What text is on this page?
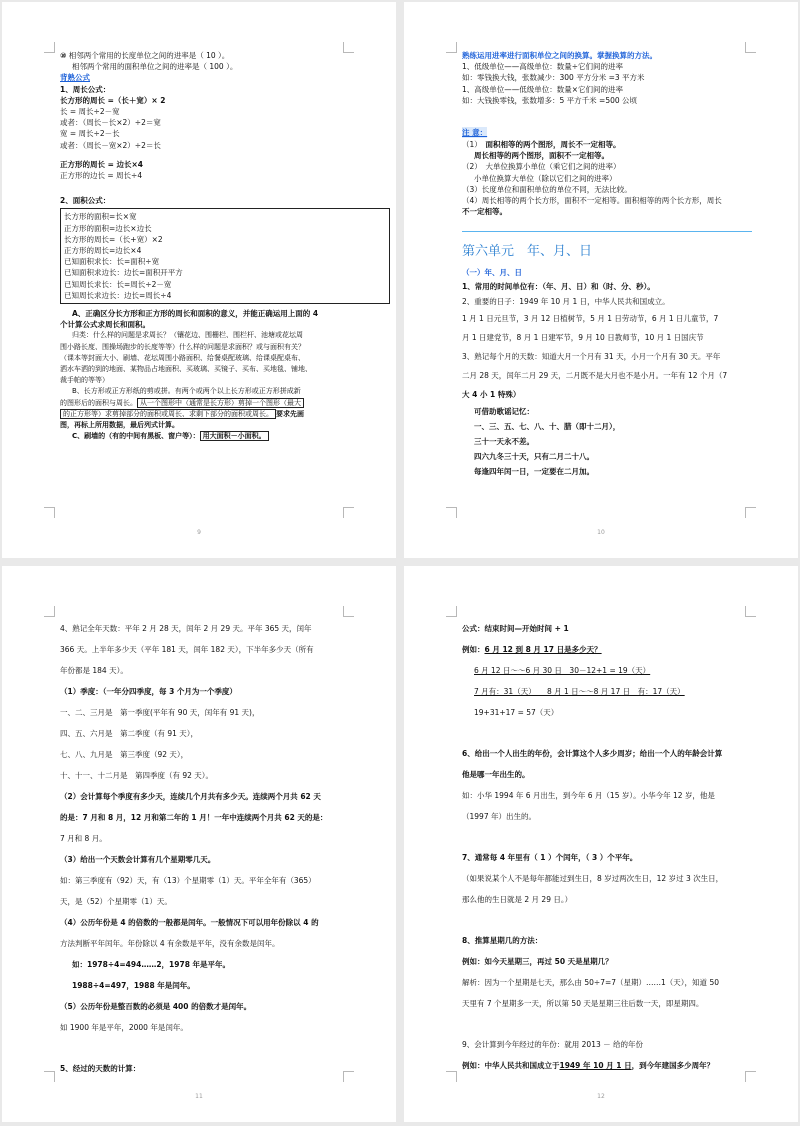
⑩ 相邻两个常用的长度单位之间的进率是（ 10 ）。
相邻两个常用的面积单位之间的进率是（ 100 ）。
背熟公式
1、周长公式：
长方形的周长 =（长＋宽）× 2
长 = 周长÷2－宽
或者：（周长－长×2）÷2＝宽
宽 = 周长÷2－长
或者：（周长－宽×2）÷2＝长
正方形的周长 = 边长×4
正方形的边长 = 周长÷4
2、面积公式：
长方形的面积=长×宽
正方形的面积=边长×边长
长方形的周长=（长+宽）×2
正方形的周长=边长×4
已知面积求长：长=面积÷宽
已知面积求边长：边长=面积开平方
已知周长求长：长=周长÷2－宽
已知周长求边长：边长=周长÷4
A、正确区分长方形和正方形的周长和面积的意义，并能正确运用上面的 4
个计算公式求周长和面积。
归类：什么样的问题是求周长？（镶花边、围栅栏、围栏杆、池塘或花坛周
围小路长度、围操场跑步的长度等等）什么样的问题是求面积？或与面积有关？
（课本等封面大小、刷墙、花坛周围小路面积、给餐桌配玻璃、给课桌配桌布、
洒水车洒的到的地面、某物品占地面积、买玻璃、买镜子、买布、买地毯、铺地、
裁手帕的等等）
B、长方形或正方形纸的剪或拼。有两个或两个以上长方形或正方形拼成新
的图形后的面积与周长。 从一个图形中（通常是长方形）剪掉一个图形（最大
的正方形等）求剪掉部分的面积或周长、求剩下部分的面积或周长。 要求先画
图，再标上所用数据，最后列式计算。
C、刷墙的（有的中间有黑板、窗户等）： 用大面积－小面积。
9
熟练运用进率进行面积单位之间的换算。掌握换算的方法。
1、低级单位——高级单位：数量÷它们间的进率
如：零钱换大钱，张数减少：300 平方分米 =3 平方米
1、高级单位——低级单位：数量×它们间的进率
如：大钱换零钱，张数增多：5 平方千米 =500 公顷
注 意：
（1）　 面积相等的两个图形，周长不一定相等。
周长相等的两个图形，面积不一定相等。
（2）　 大单位换算小单位（乘它们之间的进率）
小单位换算大单位（除以它们之间的进率）
（3）长度单位和面积单位的单位不同，无法比较。
（4）周长相等的两个长方形，面积不一定相等。面积相等的两个长方形，周长
不一定相等。
第六单元　年、月、日
（一）年、月、日
1、常用的时间单位有：（年、月、日）和（时、分、秒）。
2、重要的日子：1949 年 10 月 1 日，中华人民共和国成立。
1 月 1 日元旦节，3 月 12 日植树节，5 月 1 日劳动节，6 月 1 日儿童节，7
月 1 日建党节，8 月 1 日建军节，9 月 10 日教师节，10 月 1 日国庆节
3、熟记每个月的天数：知道大月一个月有 31 天，小月一个月有 30 天。平年
二月 28 天，闰年二月 29 天，二月既不是大月也不是小月。一年有 12 个月（7
大 4 小 1 特殊）
可借助歌谣记忆：
一、三、五、七、八、十、腊（即十二月），
三十一天永不差。
四六九冬三十天，只有二月二十八。
每逢四年闰一日，一定要在二月加。
10
4、熟记全年天数：平年 2 月 28 天，闰年 2 月 29 天。平年 365 天，闰年
366 天。上半年多少天（平年 181 天，闰年 182 天），下半年多少天（所有
年份都是 184 天）。
（1）季度：（一年分四季度，每 3 个月为一个季度）
一、二、三月是　第一季度(平年有 90 天，闰年有 91 天)，
四、五、六月是　第二季度（有 91 天），
七、八、九月是　第三季度（92 天），
十、十一、十二月是　第四季度（有 92 天）。
（2）会计算每个季度有多少天，连续几个月共有多少天。连续两个月共 62 天
的是：7 月和 8 月，12 月和第二年的 1 月！一年中连续两个月共 62 天的是：
7 月和 8 月。
（3）给出一个天数会计算有几个星期零几天。
如：第三季度有（92）天，有（13）个星期零（1）天。平年全年有（365）
天，是（52）个星期零（1）天。
（4）公历年份是 4 的倍数的一般都是闰年。一般情况下可以用年份除以 4 的
方法判断平年闰年。年份除以 4 有余数是平年，没有余数是闰年。
如：1978÷4=494……2，1978 年是平年。
1988÷4=497，1988 年是闰年。
（5）公历年份是整百数的必须是 400 的倍数才是闰年。
如 1900 年是平年，2000 年是闰年。
5、经过的天数的计算：
11
公式：结束时间—开始时间 + 1
例如：6 月 12 到 8 月 17 日是多少天？
6 月 12 日～～6 月 30 日　30－12+1 = 19（天）
7 月有：31（天）　　8 月 1 日～～8 月 17 日　有：17（天）
19+31+17 = 57（天）
6、给出一个人出生的年份，会计算这个人多少周岁；给出一个人的年龄会计算
他是哪一年出生的。
如：小华 1994 年 6 月出生，到今年 6 月（15 岁）。小华今年 12 岁，他是
（1997 年）出生的。
7、通常每 4 年里有（ 1 ）个闰年，（ 3 ）个平年。
（如果说某个人不是每年都能过到生日，8 岁过两次生日，12 岁过 3 次生日，
那么他的生日就是 2 月 29 日。）
8、推算星期几的方法：
例如：如今天星期三，再过 50 天是星期几？
解析：因为一个星期是七天，那么由 50÷7=7（星期）……1（天），知道 50
天里有 7 个星期多一天，所以第 50 天是星期三往后数一天，即星期四。
9、会计算到今年经过的年份：就用 2013 － 给的年份
例如：中华人民共和国成立于1949 年 10 月 1 日，到今年建国多少周年？
12
